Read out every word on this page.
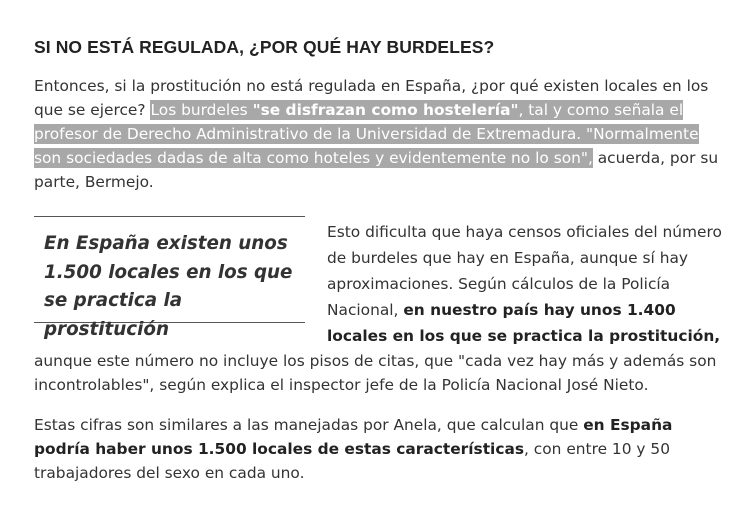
SI NO ESTÁ REGULADA, ¿POR QUÉ HAY BURDELES?

Entonces, si la prostitución no está regulada en España, ¿por qué existen locales en los que se ejerce? Los burdeles "se disfrazan como hostelería", tal y como señala el profesor de Derecho Administrativo de la Universidad de Extremadura. "Normalmente son sociedades dadas de alta como hoteles y evidentemente no lo son", acuerda, por su parte, Bermejo.

En España existen unos 1.500 locales en los que se practica la prostitución

Esto dificulta que haya censos oficiales del número de burdeles que hay en España, aunque sí hay aproximaciones. Según cálculos de la Policía Nacional, en nuestro país hay unos 1.400 locales en los que se practica la prostitución,

aunque este número no incluye los pisos de citas, que "cada vez hay más y además son incontrolables", según explica el inspector jefe de la Policía Nacional José Nieto.

Estas cifras son similares a las manejadas por Anela, que calculan que en España podría haber unos 1.500 locales de estas características, con entre 10 y 50 trabajadores del sexo en cada uno.
